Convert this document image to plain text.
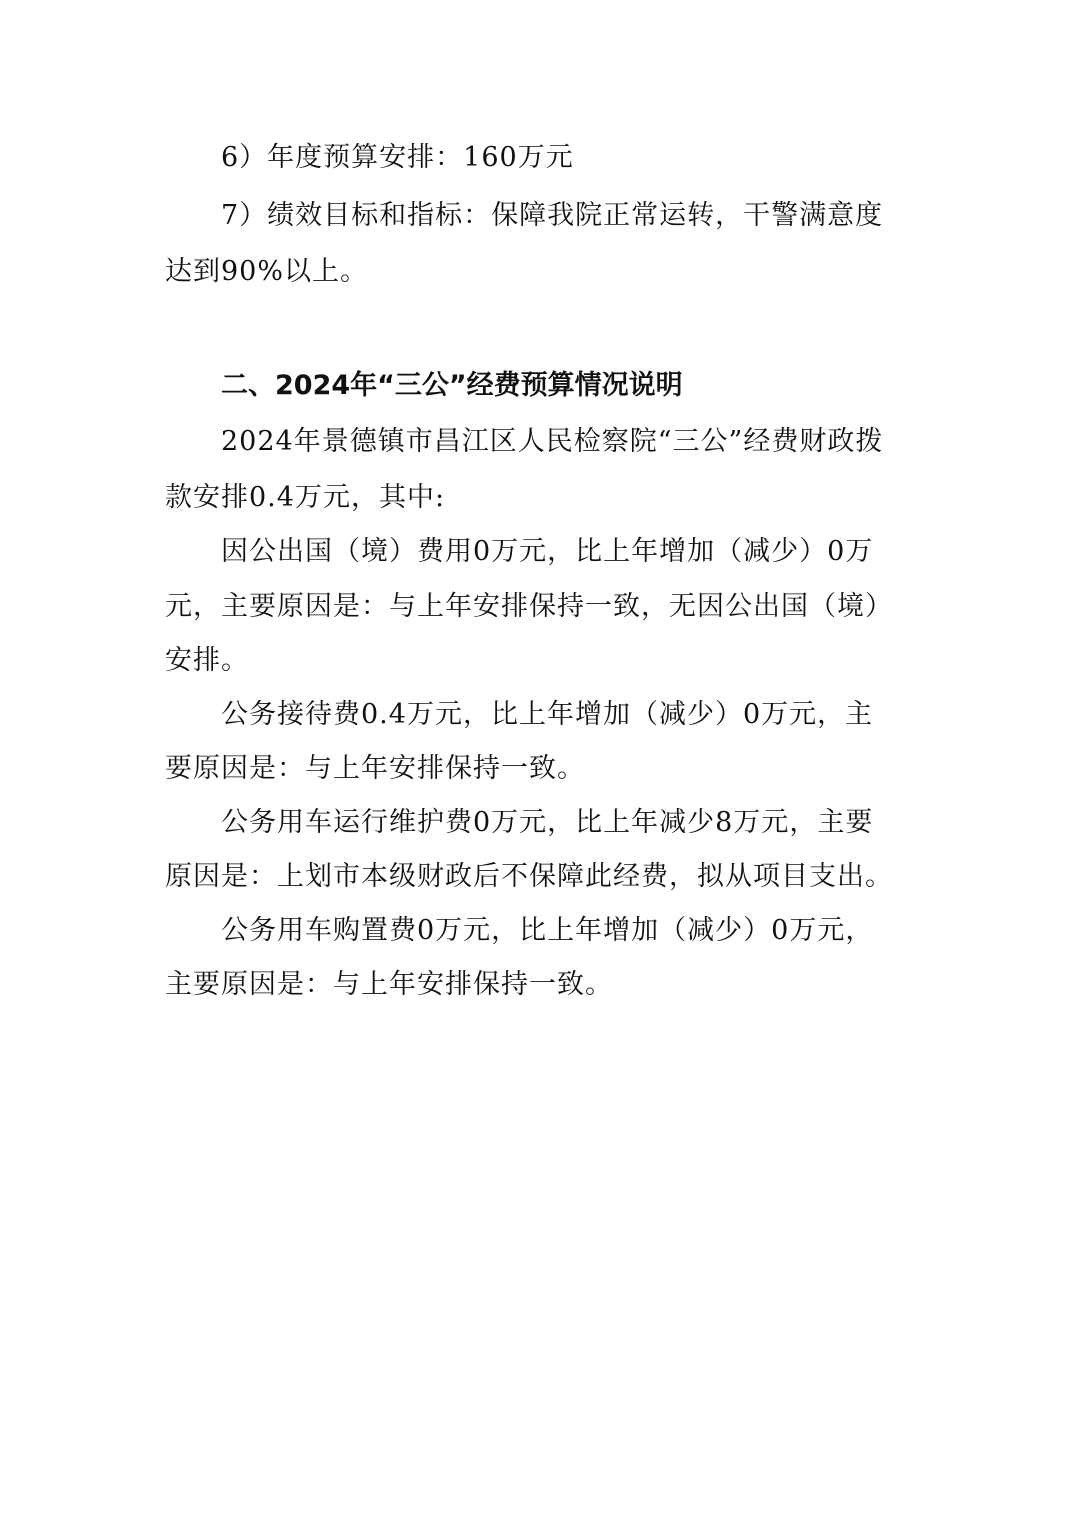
6）年度预算安排：160万元
7）绩效目标和指标：保障我院正常运转，干警满意度
达到90%以上。
二、2024年“三公”经费预算情况说明
2024年景德镇市昌江区人民检察院“三公”经费财政拨
款安排0.4万元，其中:
因公出国（境）费用0万元，比上年增加（减少）0万
元，主要原因是：与上年安排保持一致，无因公出国（境）
安排。
公务接待费0.4万元，比上年增加（减少）0万元，主
要原因是：与上年安排保持一致。
公务用车运行维护费0万元，比上年减少8万元，主要
原因是：上划市本级财政后不保障此经费，拟从项目支出。
公务用车购置费0万元，比上年增加（减少）0万元，
主要原因是：与上年安排保持一致。
